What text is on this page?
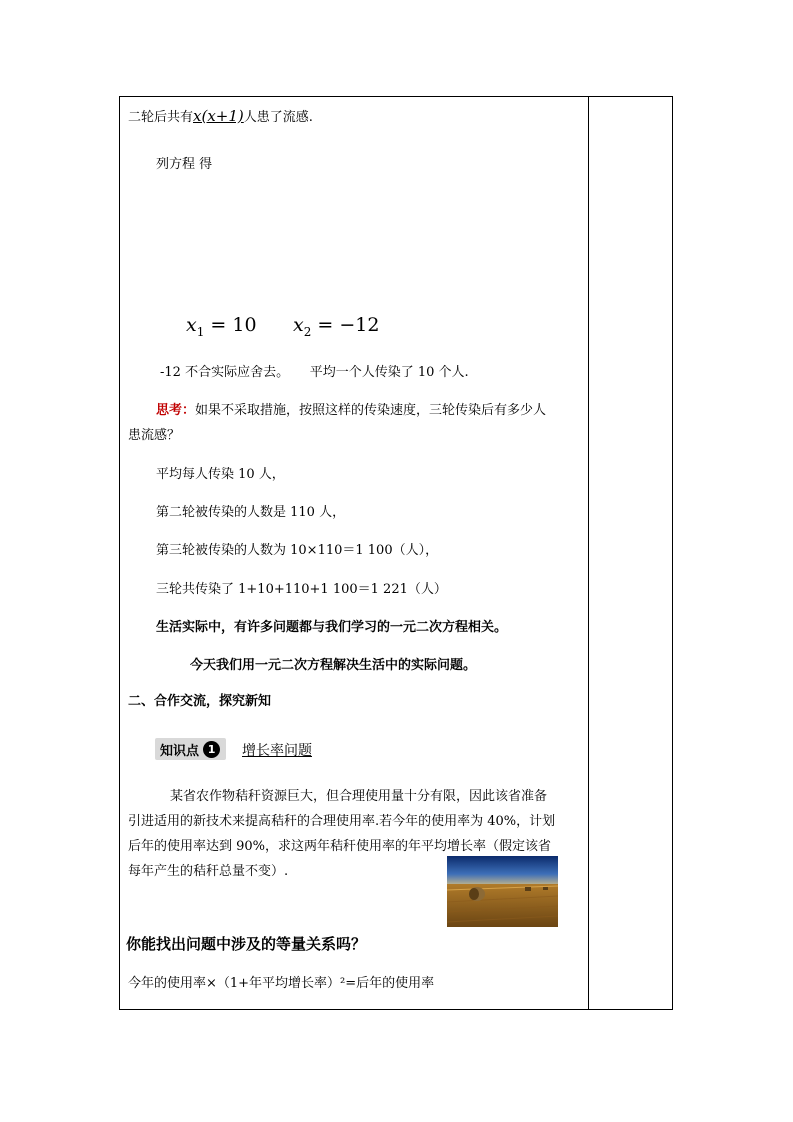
二轮后共有x(x+1)人患了流感.
列方程 得
$x_1 = 10$ $x_2 = -12$
-12 不合实际应舍去。     平均一个人传染了 10 个人.
思考：如果不采取措施，按照这样的传染速度，三轮传染后有多少人
患流感？
平均每人传染 10 人，
第二轮被传染的人数是 110 人，
第三轮被传染的人数为 10×110＝1 100（人），
三轮共传染了 1+10+110+1 100＝1 221（人）
生活实际中，有许多问题都与我们学习的一元二次方程相关。
今天我们用一元二次方程解决生活中的实际问题。
二、合作交流，探究新知
知识点 1	增长率问题
某省农作物秸秆资源巨大，但合理使用量十分有限，因此该省准备
引进适用的新技术来提高秸秆的合理使用率.若今年的使用率为 40%，计划
后年的使用率达到 90%，求这两年秸秆使用率的年平均增长率（假定该省
每年产生的秸秆总量不变）.
你能找出问题中涉及的等量关系吗？
今年的使用率×（1+年平均增长率）²=后年的使用率
